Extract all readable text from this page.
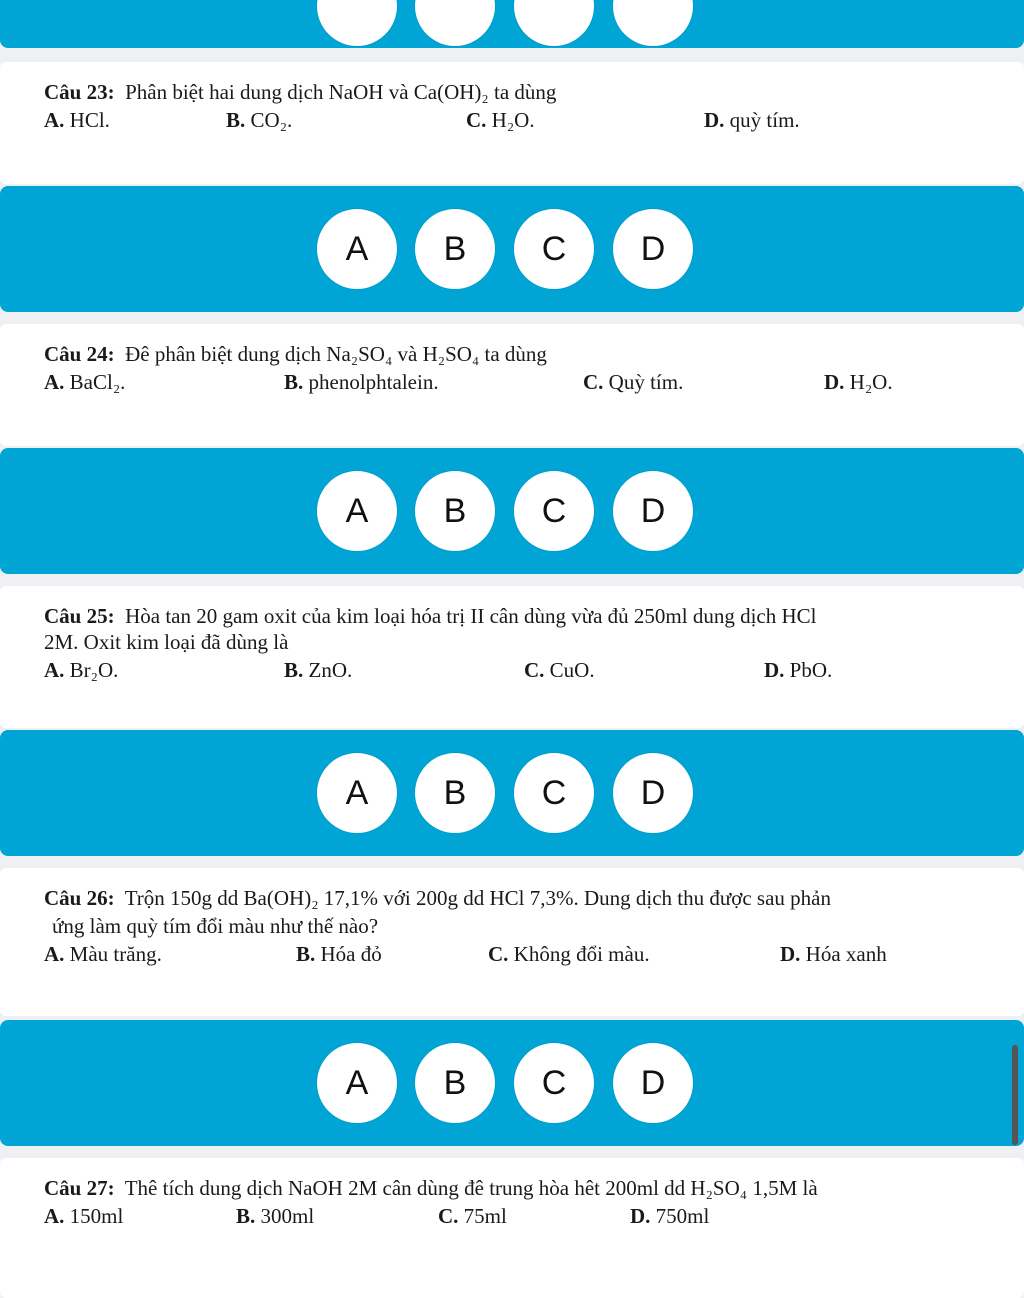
Câu 23: Phân biệt hai dung dịch NaOH và Ca(OH)₂ ta dùng
A. HCl.	B. CO₂.	C. H₂O.	D. quỳ tím.
A	B	C	D
Câu 24: Đê phân biệt dung dịch Na₂SO₄ và H₂SO₄ ta dùng
A. BaCl₂.	B. phenolphtalein.	C. Quỳ tím.	D. H₂O.
A	B	C	D
Câu 25: Hòa tan 20 gam oxit của kim loại hóa trị II cân dùng vừa đủ 250ml dung dịch HCl
2M. Oxit kim loại đã dùng là
A. Br₂O.	B. ZnO.	C. CuO.	D. PbO.
A	B	C	D
Câu 26: Trộn 150g dd Ba(OH)₂ 17,1% với 200g dd HCl 7,3%. Dung dịch thu được sau phản
ứng làm quỳ tím đổi màu như thế nào?
A. Màu trăng.	B. Hóa đỏ	C. Không đổi màu.	D. Hóa xanh
A	B	C	D
Câu 27: Thê tích dung dịch NaOH 2M cân dùng đê trung hòa hêt 200ml dd H₂SO₄ 1,5M là
A. 150ml	B. 300ml	C. 75ml	D. 750ml
